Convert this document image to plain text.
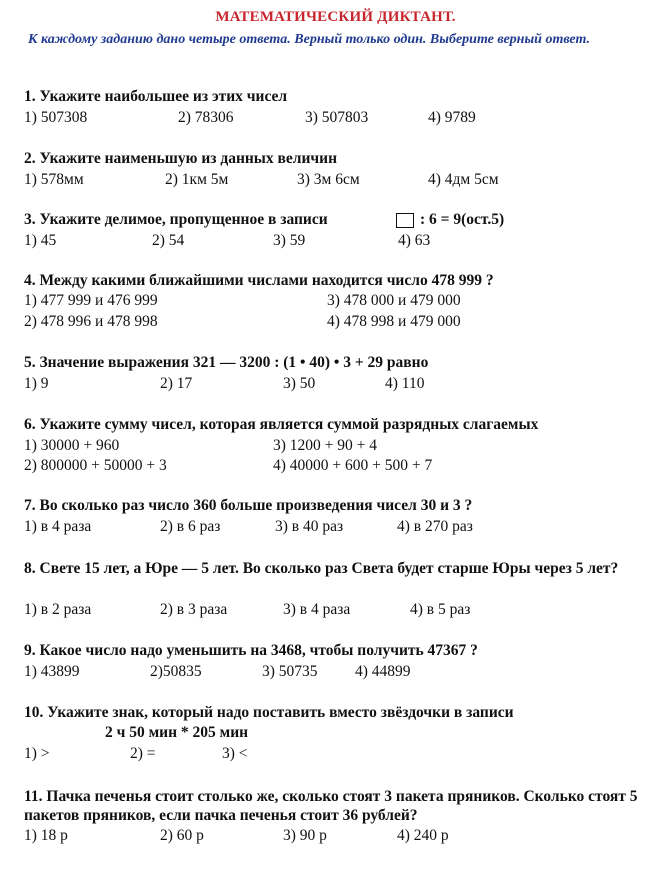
МАТЕМАТИЧЕСКИЙ ДИКТАНТ.
К каждому заданию дано четыре ответа. Верный только один. Выберите верный ответ.
1. Укажите наибольшее из этих чисел
1) 507308	2) 78306	3) 507803	4) 9789
2. Укажите наименьшую из данных величин
1) 578мм	2) 1км 5м	3) 3м 6см	4) 4дм 5см
3. Укажите делимое, пропущенное в записи	: 6 = 9(ост.5)
1) 45	2) 54	3) 59	4) 63
4. Между какими ближайшими числами находится число 478 999 ?
1) 477 999 и 476 999	3) 478 000 и 479 000
2) 478 996 и 478 998	4) 478 998 и 479 000
5. Значение выражения 321 — 3200 : (1 • 40) • 3 + 29 равно
1) 9	2) 17	3) 50	4) 110
6. Укажите сумму чисел, которая является суммой разрядных слагаемых
1) 30000 + 960	3) 1200 + 90 + 4
2) 800000 + 50000 + 3	4) 40000 + 600 + 500 + 7
7. Во сколько раз число 360 больше произведения чисел 30 и 3 ?
1) в 4 раза	2) в 6 раз	3) в 40 раз	4) в 270 раз
8. Свете 15 лет, а Юре — 5 лет. Во сколько раз Света будет старше Юры через 5 лет?
1) в 2 раза	2) в 3 раза	3) в 4 раза	4) в 5 раз
9. Какое число надо уменьшить на 3468, чтобы получить 47367 ?
1) 43899	2)50835	3) 50735 4) 44899
10. Укажите знак, который надо поставить вместо звёздочки в записи
2 ч 50 мин * 205 мин
1) >	2) =	3) <
11. Пачка печенья стоит столько же, сколько стоят 3 пакета пряников. Сколько стоят 5 пакетов пряников, если пачка печенья стоит 36 рублей?
1) 18 р	2) 60 р	3) 90 р	4) 240 р
